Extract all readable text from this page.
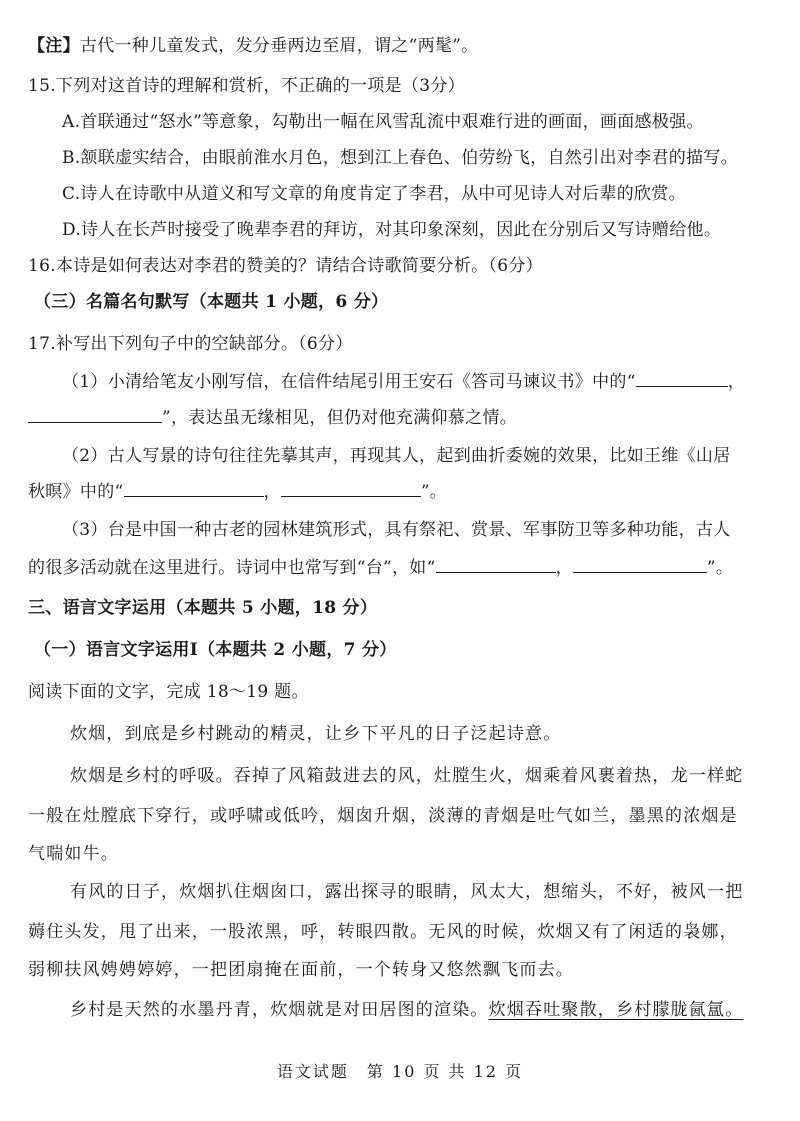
【注】古代一种儿童发式，发分垂两边至眉，谓之“两髦”。
15.下列对这首诗的理解和赏析，不正确的一项是（3分）
A.首联通过“怒水”等意象，勾勒出一幅在风雪乱流中艰难行进的画面，画面感极强。
B.颔联虚实结合，由眼前淮水月色，想到江上春色、伯劳纷飞，自然引出对李君的描写。
C.诗人在诗歌中从道义和写文章的角度肯定了李君，从中可见诗人对后辈的欣赏。
D.诗人在长芦时接受了晚辈李君的拜访，对其印象深刻，因此在分别后又写诗赠给他。
16.本诗是如何表达对李君的赞美的？请结合诗歌简要分析。（6分）
（三）名篇名句默写（本题共 1 小题，6 分）
17.补写出下列句子中的空缺部分。（6分）
（1）小清给笔友小刚写信，在信件结尾引用王安石《答司马谏议书》中的“	，
”，表达虽无缘相见，但仍对他充满仰慕之情。
（2）古人写景的诗句往往先摹其声，再现其人，起到曲折委婉的效果，比如王维《山居
秋暝》中的“	，	”。
（3）台是中国一种古老的园林建筑形式，具有祭祀、赏景、军事防卫等多种功能，古人
的很多活动就在这里进行。诗词中也常写到“台”，如“	，	”。
三、语言文字运用（本题共 5 小题，18 分）
（一）语言文字运用Ⅰ（本题共 2 小题，7 分）
阅读下面的文字，完成 18～19 题。
炊烟，到底是乡村跳动的精灵，让乡下平凡的日子泛起诗意。
炊烟是乡村的呼吸。吞掉了风箱鼓进去的风，灶膛生火，烟乘着风裹着热，龙一样蛇
一般在灶膛底下穿行，或呼啸或低吟，烟囱升烟，淡薄的青烟是吐气如兰，墨黑的浓烟是
气喘如牛。
有风的日子，炊烟扒住烟囱口，露出探寻的眼睛，风太大，想缩头，不好，被风一把
薅住头发，甩了出来，一股浓黑，呼，转眼四散。无风的时候，炊烟又有了闲适的袅娜，
弱柳扶风娉娉婷婷，一把团扇掩在面前，一个转身又悠然飘飞而去。
乡村是天然的水墨丹青，炊烟就是对田居图的渲染。炊烟吞吐聚散，乡村朦胧氤氲。
语文试题　第 10 页 共 12 页
